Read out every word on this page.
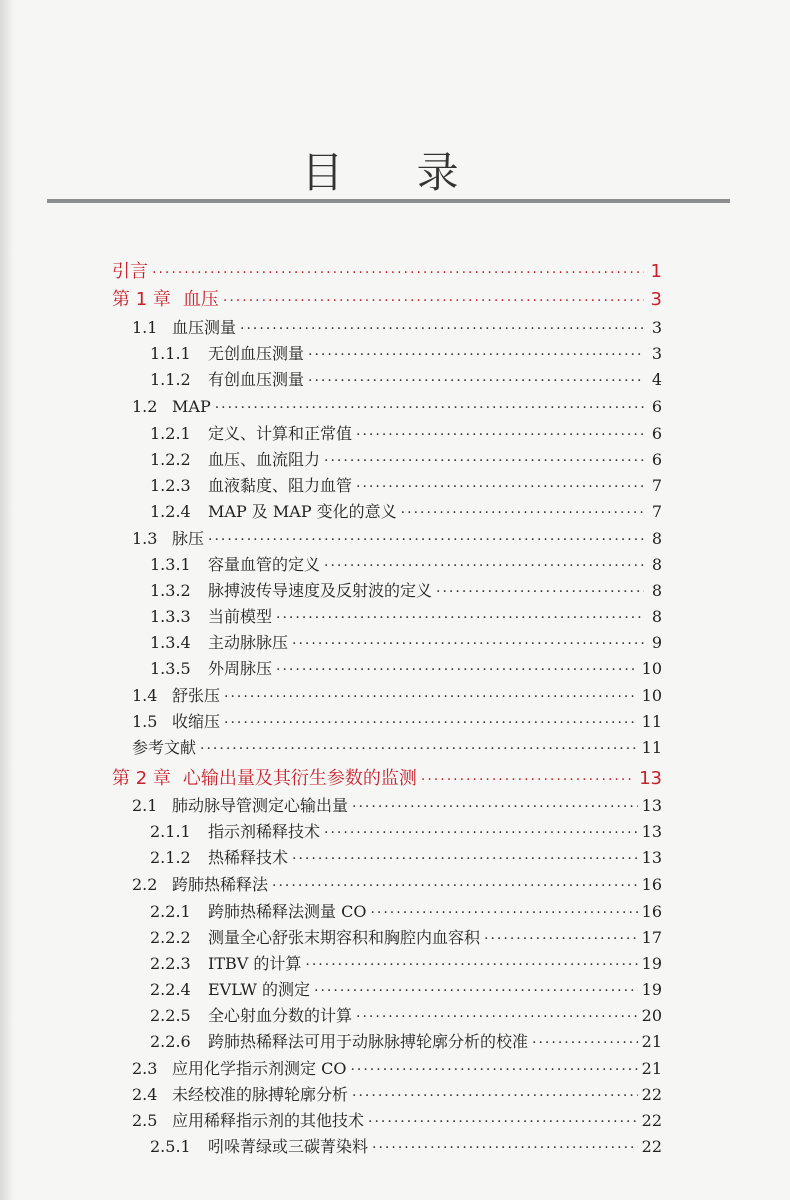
目 录
引言 ·····	1
第 1 章 血压 ·····	3
1.1 血压测量 ·····	3
1.1.1	无创血压测量 ·····	3
1.1.2	有创血压测量 ·····	4
1.2 MAP ·····	6
1.2.1	定义、计算和正常值 ·····	6
1.2.2	血压、血流阻力 ·····	6
1.2.3	血液黏度、阻力血管 ·····	7
1.2.4	MAP 及 MAP 变化的意义 ·····	7
1.3 脉压 ·····	8
1.3.1	容量血管的定义 ·····	8
1.3.2	脉搏波传导速度及反射波的定义 ·····	8
1.3.3	当前模型 ·····	8
1.3.4	主动脉脉压 ·····	9
1.3.5	外周脉压 ·····	10
1.4 舒张压 ·····	10
1.5 收缩压 ·····	11
参考文献 ·····	11
第 2 章 心输出量及其衍生参数的监测 ·····	13
2.1 肺动脉导管测定心输出量 ·····	13
2.1.1	指示剂稀释技术 ·····	13
2.1.2	热稀释技术 ·····	13
2.2 跨肺热稀释法 ·····	16
2.2.1	跨肺热稀释法测量 CO ·····	16
2.2.2	测量全心舒张末期容积和胸腔内血容积 ·····	17
2.2.3	ITBV 的计算 ·····	19
2.2.4	EVLW 的测定 ·····	19
2.2.5	全心射血分数的计算 ·····	20
2.2.6	跨肺热稀释法可用于动脉脉搏轮廓分析的校准 ·····	21
2.3 应用化学指示剂测定 CO ·····	21
2.4 未经校准的脉搏轮廓分析 ·····	22
2.5 应用稀释指示剂的其他技术 ·····	22
2.5.1	吲哚菁绿或三碳菁染料 ·····	22
